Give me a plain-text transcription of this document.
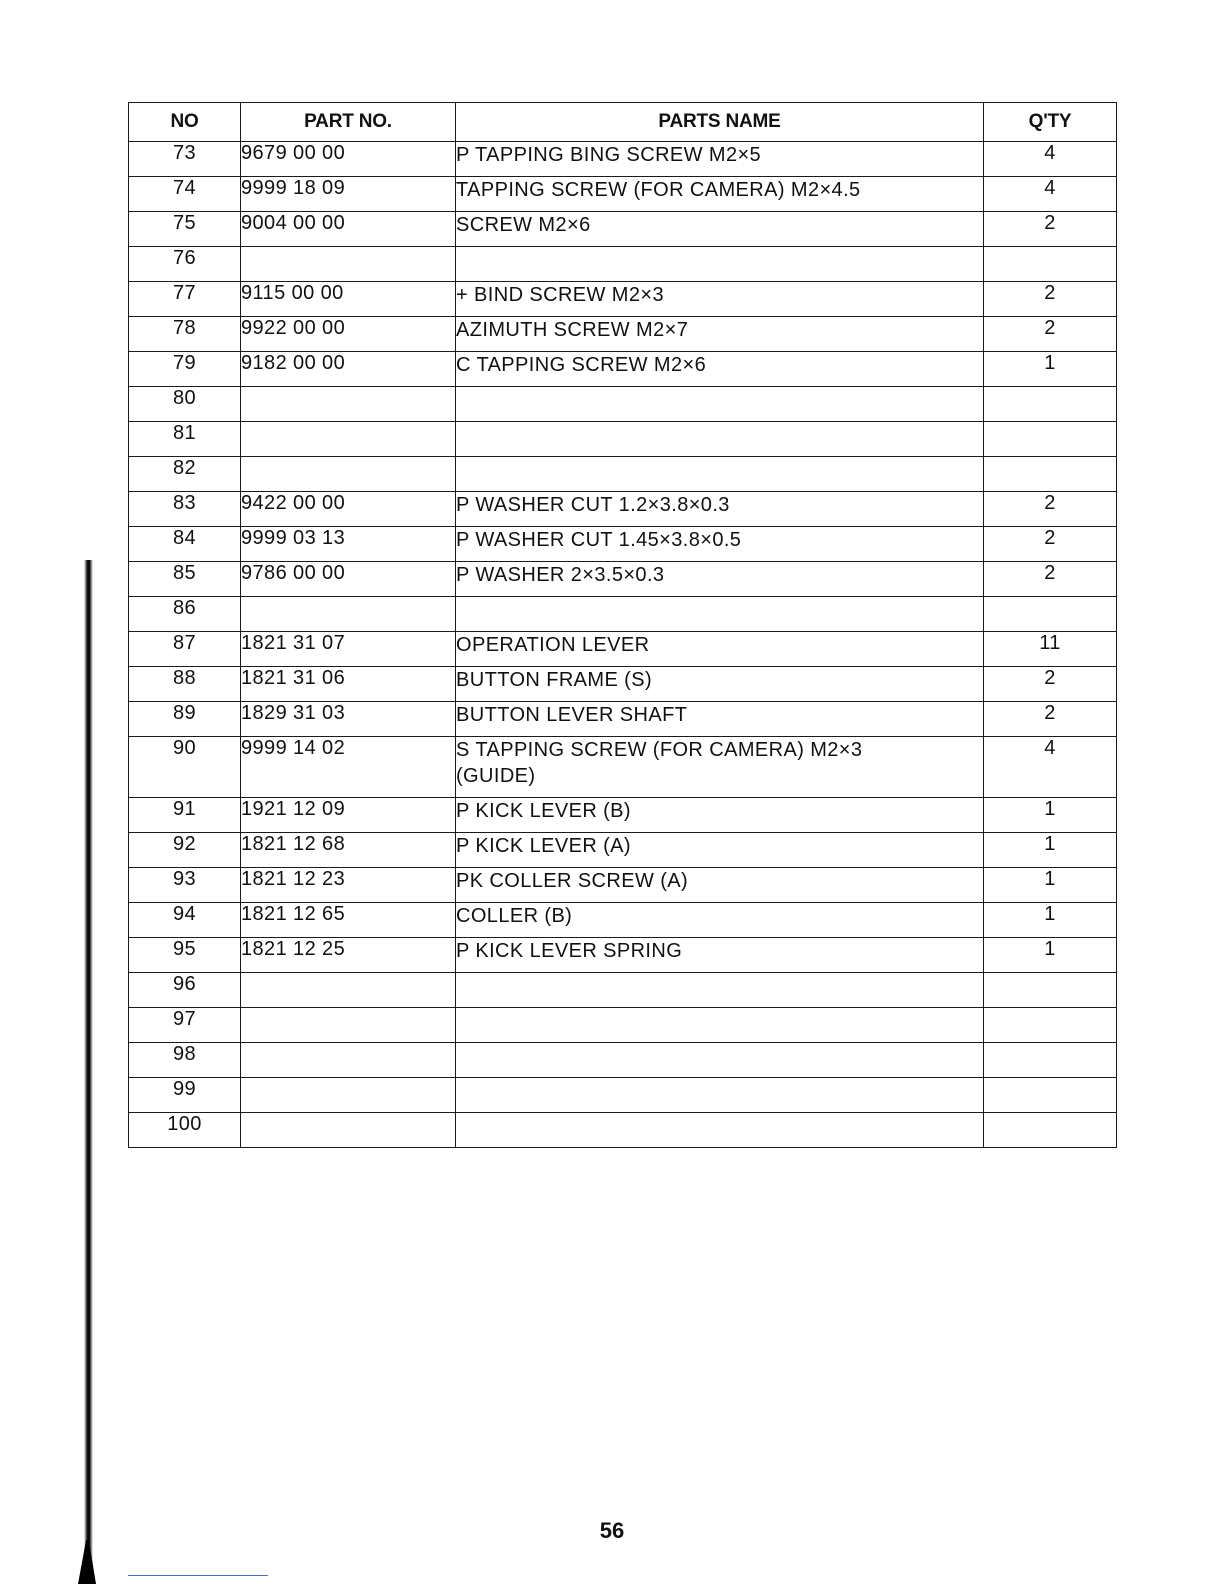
NO	PART NO.	PARTS NAME	Q'TY
73	9679 00 00	P TAPPING BING SCREW M2×5	4
74	9999 18 09	TAPPING SCREW (FOR CAMERA) M2×4.5	4
75	9004 00 00	SCREW M2×6	2
76			
77	9115 00 00	+ BIND SCREW M2×3	2
78	9922 00 00	AZIMUTH SCREW M2×7	2
79	9182 00 00	C TAPPING SCREW M2×6	1
80			
81			
82			
83	9422 00 00	P WASHER CUT 1.2×3.8×0.3	2
84	9999 03 13	P WASHER CUT 1.45×3.8×0.5	2
85	9786 00 00	P WASHER 2×3.5×0.3	2
86			
87	1821 31 07	OPERATION LEVER	11
88	1821 31 06	BUTTON FRAME (S)	2
89	1829 31 03	BUTTON LEVER SHAFT	2
90	9999 14 02	S TAPPING SCREW (FOR CAMERA) M2×3
(GUIDE)	4
91	1921 12 09	P KICK LEVER (B)	1
92	1821 12 68	P KICK LEVER (A)	1
93	1821 12 23	PK COLLER SCREW (A)	1
94	1821 12 65	COLLER (B)	1
95	1821 12 25	P KICK LEVER SPRING	1
96			
97			
98			
99			
100			
56
